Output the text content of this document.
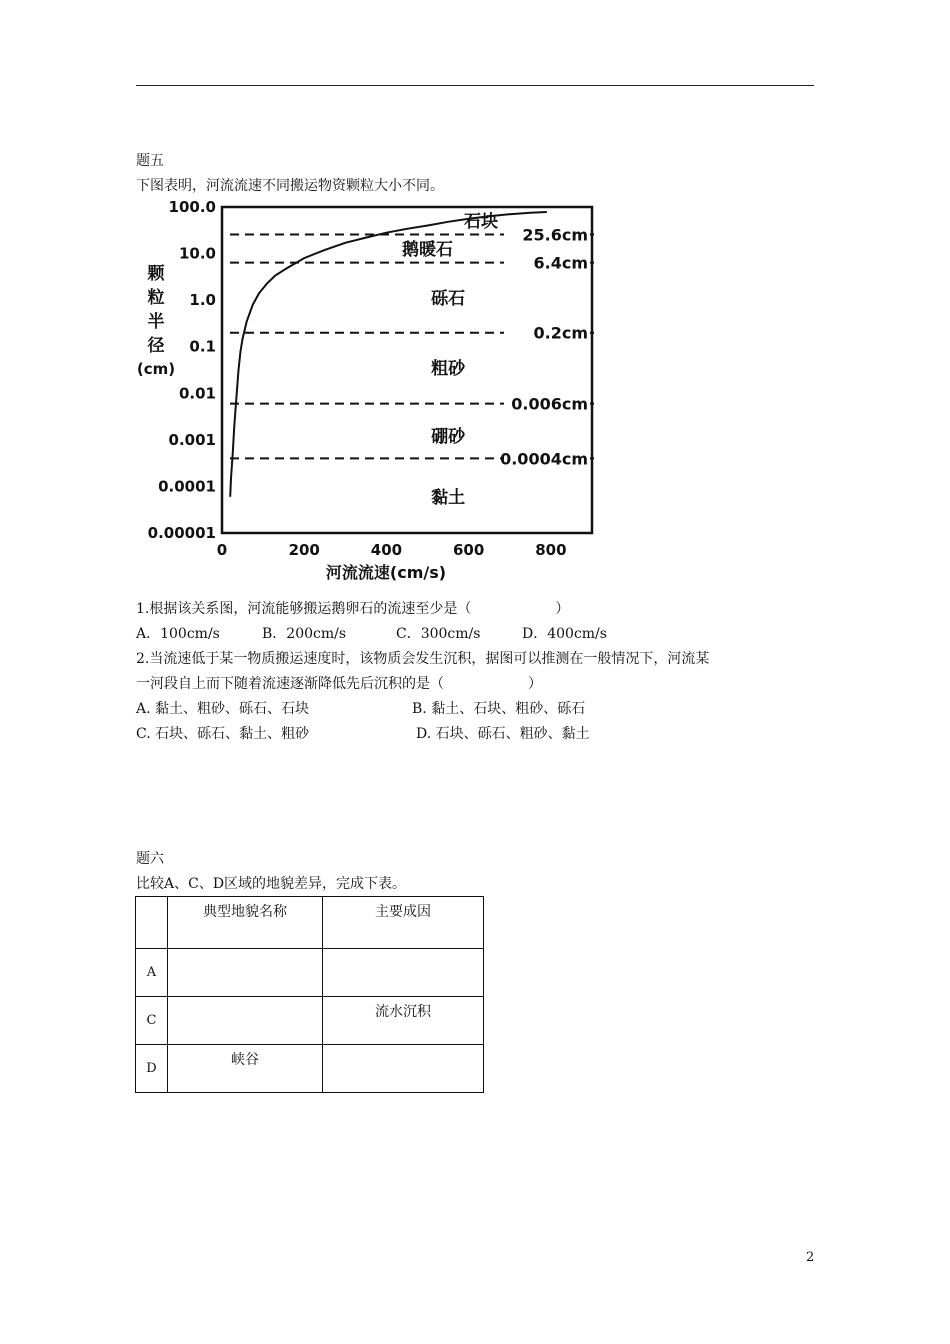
题五
下图表明，河流流速不同搬运物资颗粒大小不同。
颗
粒
半
径
(cm)
100.0
10.0
1.0
0.1
0.01
0.001
0.0001
0.00001
0	200	400	600	800
25.6cm
6.4cm
0.2cm
0.006cm
0.0004cm
石块
鹅暖石
砾石
粗砂
硼砂
黏土
河流流速(cm/s)
1.根据该关系图，河流能够搬运鹅卵石的流速至少是（　　　　　　）
A．100cm/s	B．200cm/s	C．300cm/s	D．400cm/s
2.当流速低于某一物质搬运速度时，该物质会发生沉积，据图可以推测在一般情况下，河流某
一河段自上而下随着流速逐渐降低先后沉积的是（　　　　　　）
A. 黏土、粗砂、砾石、石块	B. 黏土、石块、粗砂、砾石
C. 石块、砾石、黏土、粗砂	D. 石块、砾石、粗砂、黏土
题六
比较A、C、D区域的地貌差异，完成下表。
	典型地貌名称	主要成因
A		
C		流水沉积
D	峡谷	
2
